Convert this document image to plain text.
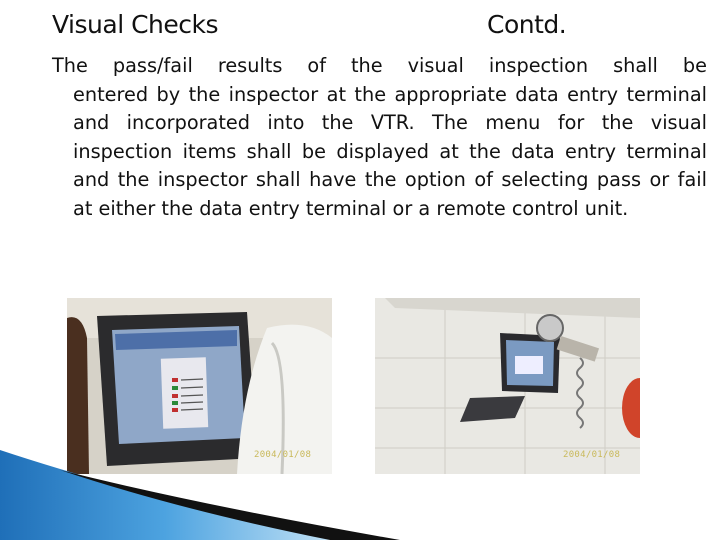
Visual Checks	Contd.
The pass/fail results of the visual inspection shall be
entered by the inspector at the appropriate data entry terminal and incorporated into the VTR. The menu for the visual inspection items shall be displayed at the data entry terminal and the inspector shall have the option of selecting pass or fail at either the data entry terminal or a remote control unit.
2004/01/08	2004/01/08
